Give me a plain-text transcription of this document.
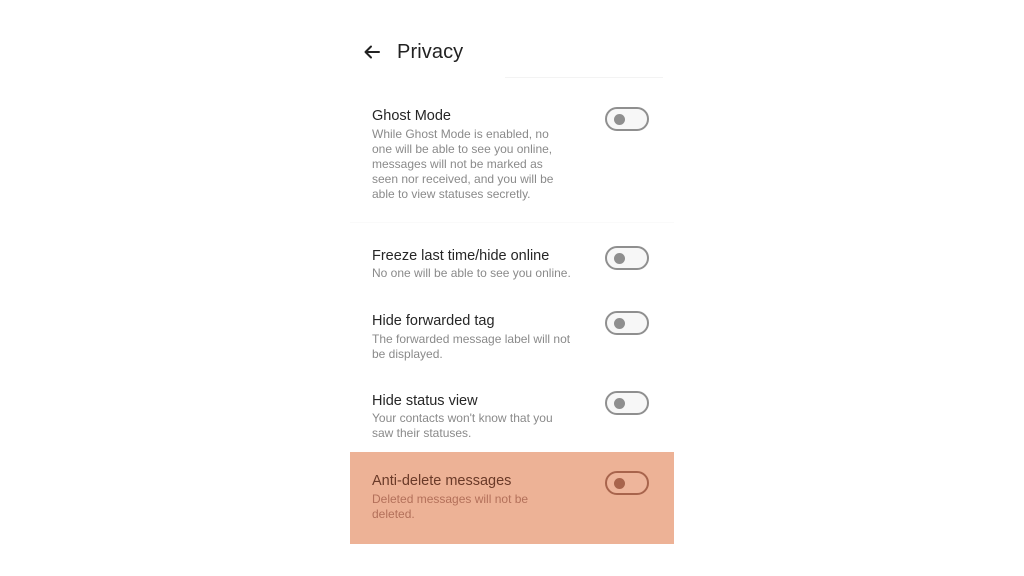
Privacy
Ghost Mode
While Ghost Mode is enabled, no one will be able to see you online, messages will not be marked as seen nor received, and you will be able to view statuses secretly.
Freeze last time/hide online
No one will be able to see you online.
Hide forwarded tag
The forwarded message label will not be displayed.
Hide status view
Your contacts won't know that you saw their statuses.
Anti-delete messages
Deleted messages will not be deleted.
